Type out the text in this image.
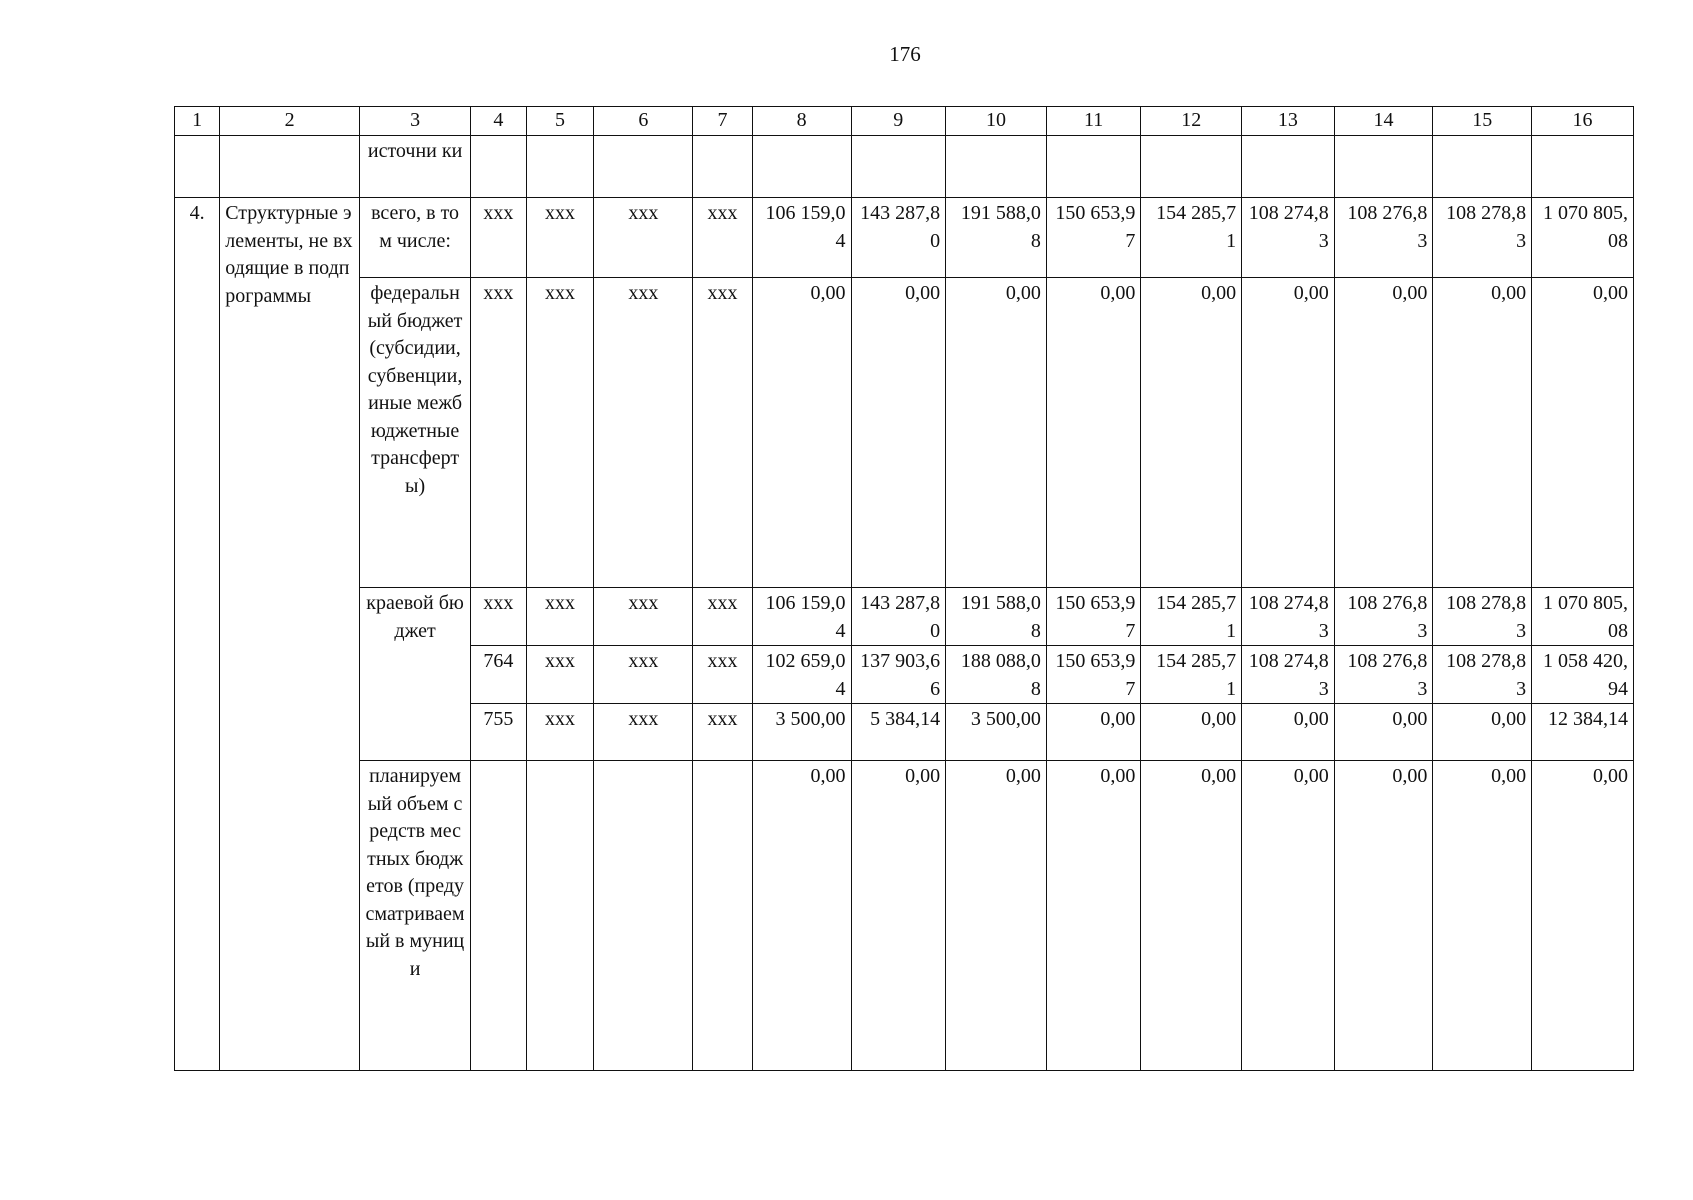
176
1	2	3	4	5	6	7	8	9	10	11	12	13	14	15	16
		источни ки													
4.	Структурные элементы, не входящие в подпрограммы	всего, в том числе:	ххх	ххх	ххх	ххх	106 159,04	143 287,80	191 588,08	150 653,97	154 285,71	108 274,83	108 276,83	108 278,83	1 070 805,08
		федеральный бюджет (субсидии, субвенции, иные межбюджетные трансферты)	ххх	ххх	ххх	ххх	0,00	0,00	0,00	0,00	0,00	0,00	0,00	0,00	0,00
		краевой бюджет	ххх	ххх	ххх	ххх	106 159,04	143 287,80	191 588,08	150 653,97	154 285,71	108 274,83	108 276,83	108 278,83	1 070 805,08
			764	ххх	ххх	ххх	102 659,04	137 903,66	188 088,08	150 653,97	154 285,71	108 274,83	108 276,83	108 278,83	1 058 420,94
			755	ххх	ххх	ххх	3 500,00	5 384,14	3 500,00	0,00	0,00	0,00	0,00	0,00	12 384,14
		планируемый объем средств местных бюджетов (предусматриваемый в муници					0,00	0,00	0,00	0,00	0,00	0,00	0,00	0,00	0,00
